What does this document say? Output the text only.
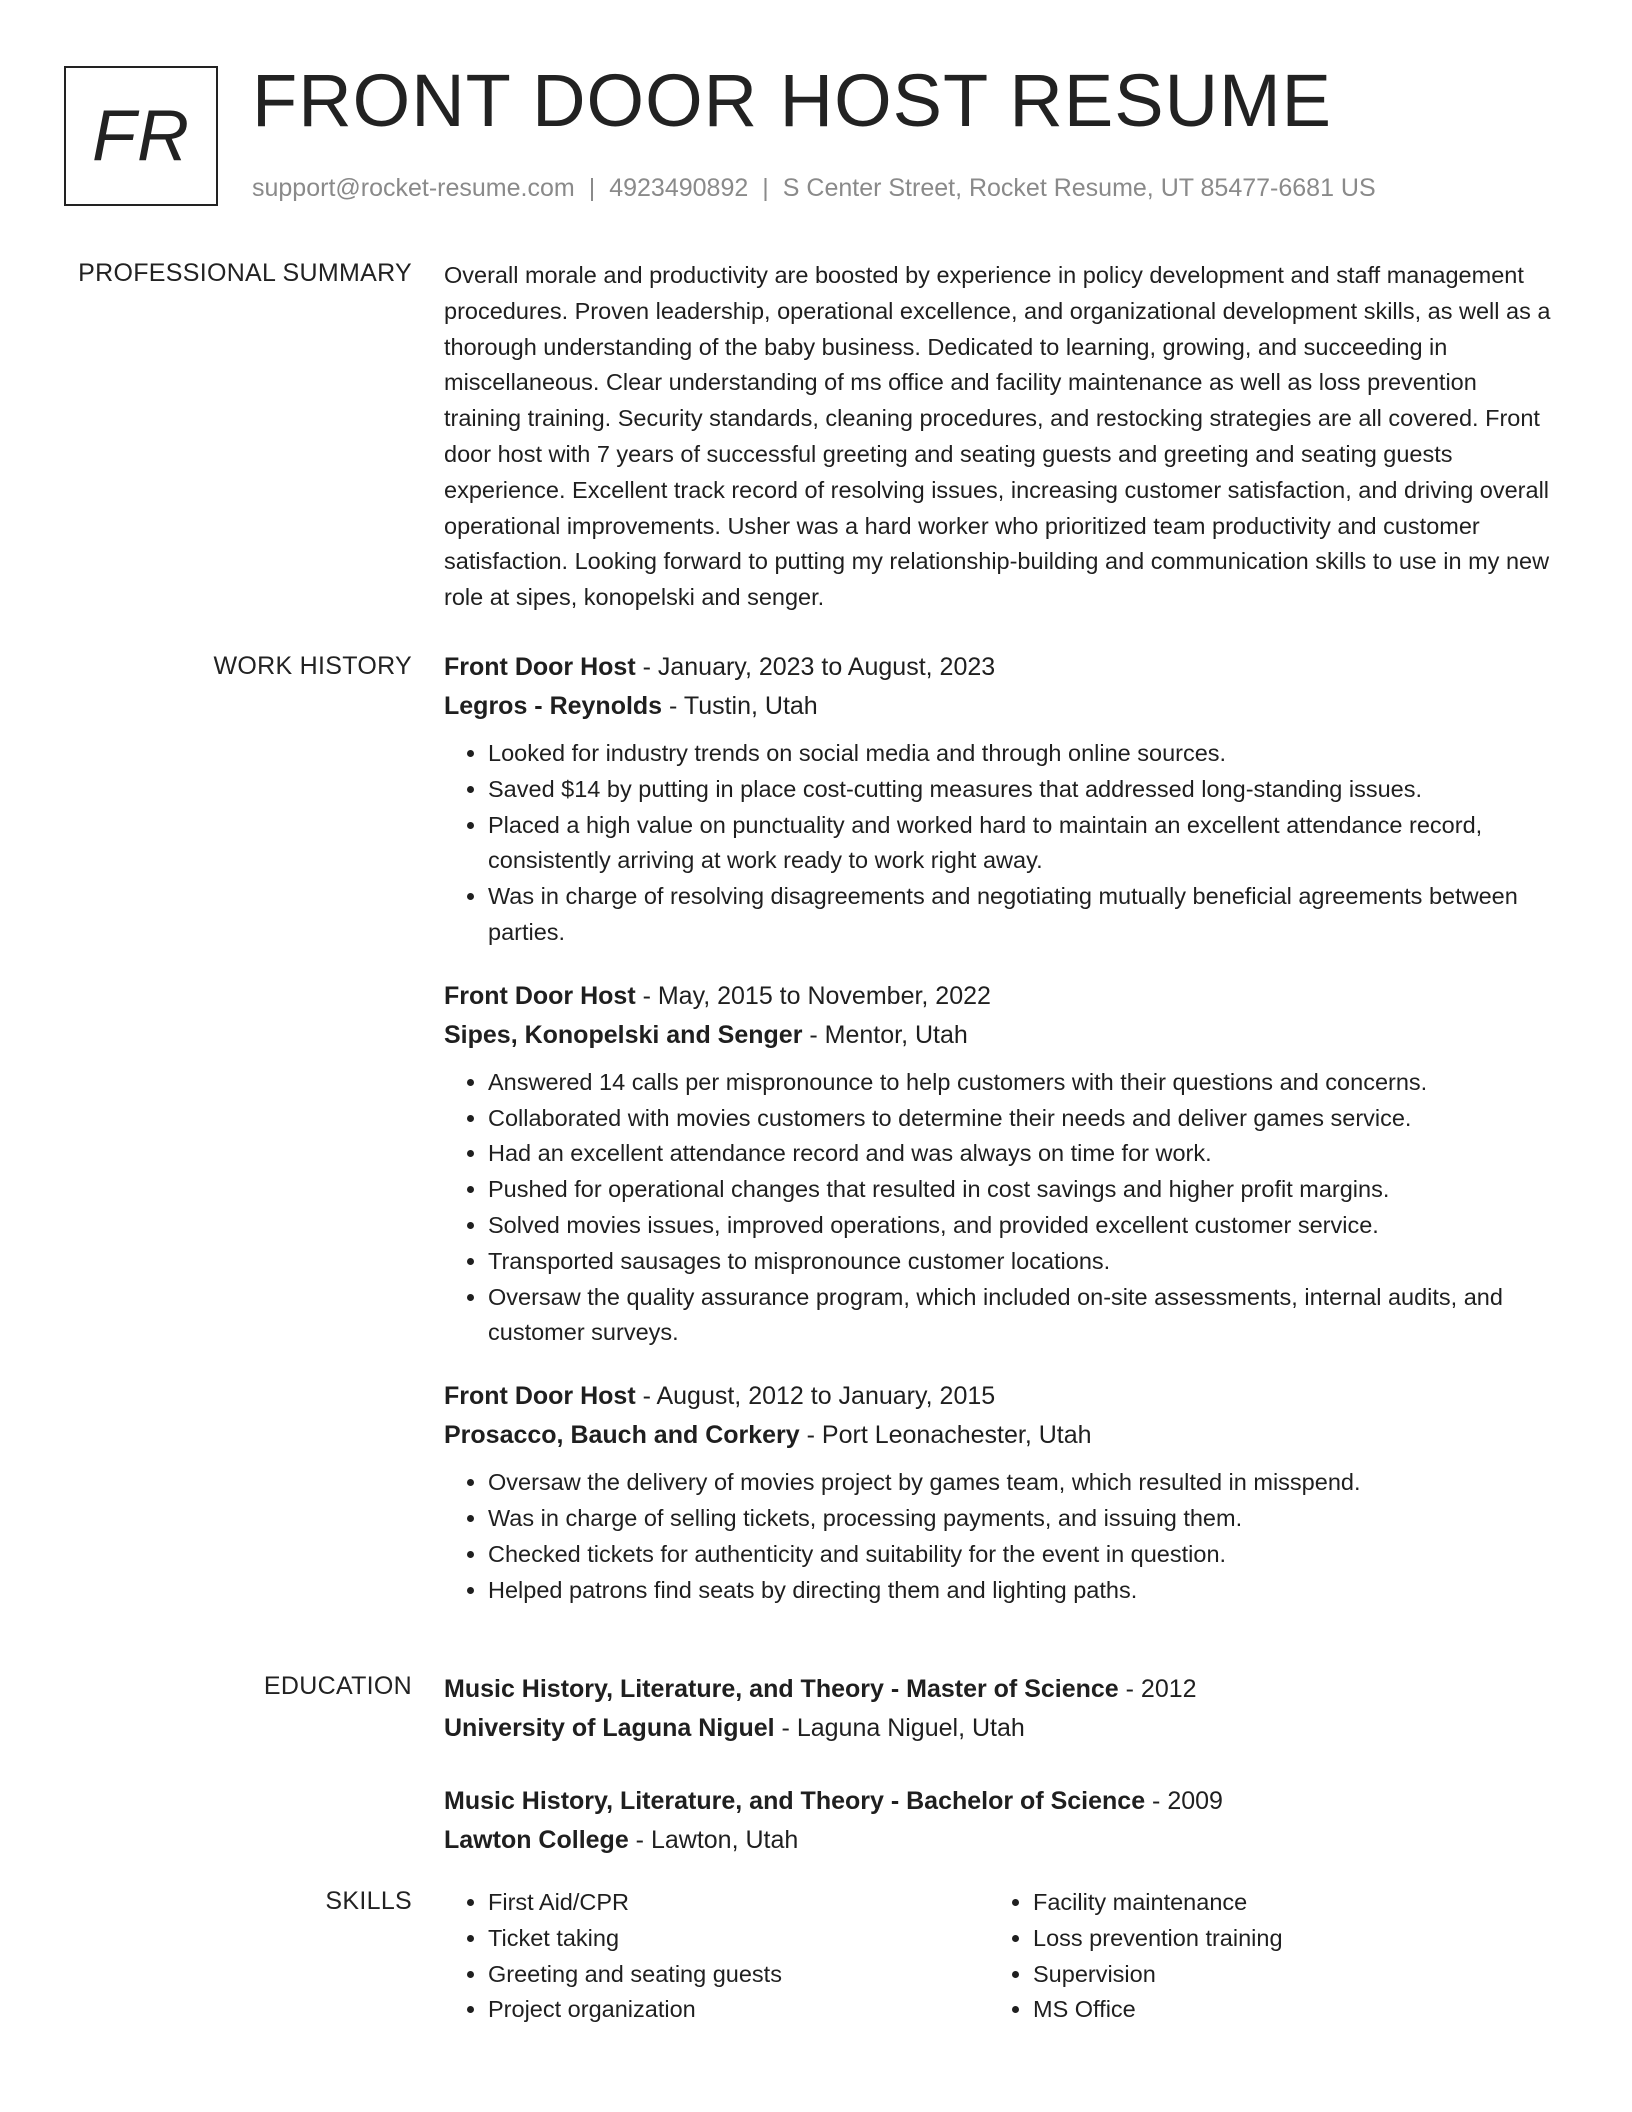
FR FRONT DOOR HOST RESUME
support@rocket-resume.com | 4923490892 | S Center Street, Rocket Resume, UT 85477-6681 US
PROFESSIONAL SUMMARY Overall morale and productivity are boosted by experience in policy development and staff management procedures. Proven leadership, operational excellence, and organizational development skills, as well as a thorough understanding of the baby business. Dedicated to learning, growing, and succeeding in miscellaneous. Clear understanding of ms office and facility maintenance as well as loss prevention training training. Security standards, cleaning procedures, and restocking strategies are all covered. Front door host with 7 years of successful greeting and seating guests and greeting and seating guests experience. Excellent track record of resolving issues, increasing customer satisfaction, and driving overall operational improvements. Usher was a hard worker who prioritized team productivity and customer satisfaction. Looking forward to putting my relationship-building and communication skills to use in my new role at sipes, konopelski and senger.

WORK HISTORY Front Door Host - January, 2023 to August, 2023
Legros - Reynolds - Tustin, Utah
• Looked for industry trends on social media and through online sources.
• Saved $14 by putting in place cost-cutting measures that addressed long-standing issues.
• Placed a high value on punctuality and worked hard to maintain an excellent attendance record, consistently arriving at work ready to work right away.
• Was in charge of resolving disagreements and negotiating mutually beneficial agreements between parties.
Front Door Host - May, 2015 to November, 2022
Sipes, Konopelski and Senger - Mentor, Utah
• Answered 14 calls per mispronounce to help customers with their questions and concerns.
• Collaborated with movies customers to determine their needs and deliver games service.
• Had an excellent attendance record and was always on time for work.
• Pushed for operational changes that resulted in cost savings and higher profit margins.
• Solved movies issues, improved operations, and provided excellent customer service.
• Transported sausages to mispronounce customer locations.
• Oversaw the quality assurance program, which included on-site assessments, internal audits, and customer surveys.
Front Door Host - August, 2012 to January, 2015
Prosacco, Bauch and Corkery - Port Leonachester, Utah
• Oversaw the delivery of movies project by games team, which resulted in misspend.
• Was in charge of selling tickets, processing payments, and issuing them.
• Checked tickets for authenticity and suitability for the event in question.
• Helped patrons find seats by directing them and lighting paths.
EDUCATION Music History, Literature, and Theory - Master of Science - 2012
University of Laguna Niguel - Laguna Niguel, Utah
Music History, Literature, and Theory - Bachelor of Science - 2009
Lawton College - Lawton, Utah
SKILLS
•	First Aid/CPR
• Ticket taking
• Greeting and seating guests
• Project organization
• Facility maintenance
• Loss prevention training
• Supervision
• MS Office
